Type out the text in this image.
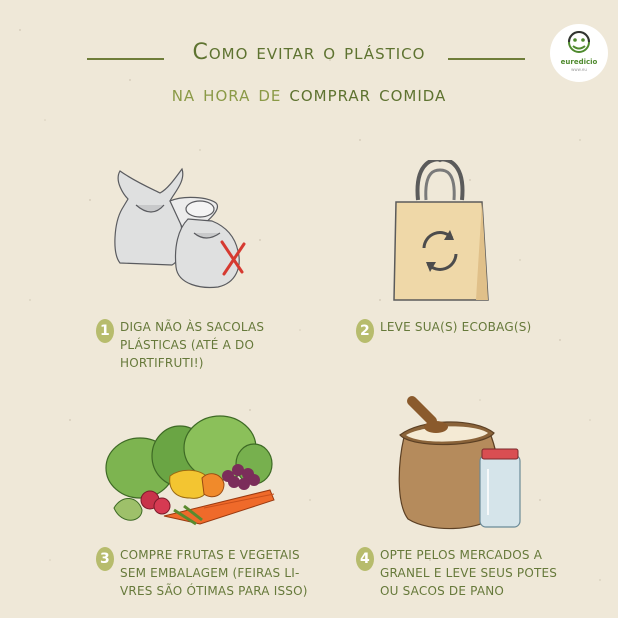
Como evitar o plástico
na hora de comprar comida
euredicio
www.eu
1 DIGA NÃO ÀS SACOLAS
PLÁSTICAS (ATÉ A DO
HORTIFRUTI!)
2 LEVE SUA(S) ECOBAG(S)
3 COMPRE FRUTAS E VEGETAIS
SEM EMBALAGEM (FEIRAS LI-
VRES SÃO ÓTIMAS PARA ISSO)
4 OPTE PELOS MERCADOS A
GRANEL E LEVE SEUS POTES
OU SACOS DE PANO
